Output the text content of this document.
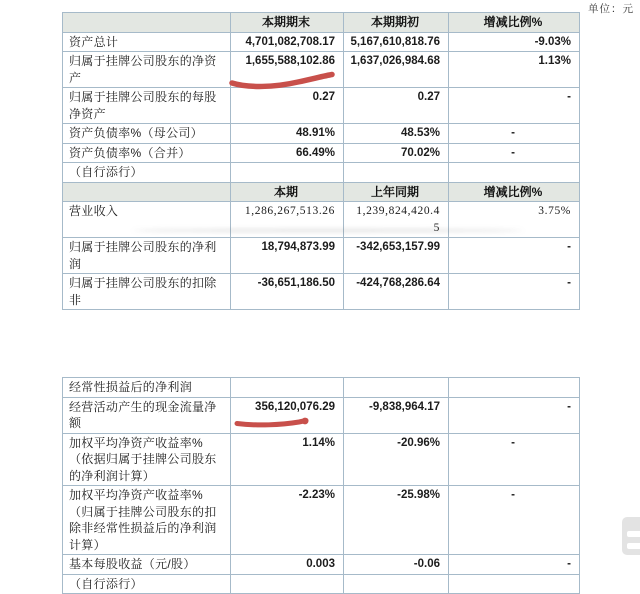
单位：元
	本期期末	本期期初	增减比例%
资产总计	4,701,082,708.17	5,167,610,818.76	-9.03%
归属于挂牌公司股东的净资产	1,655,588,102.86	1,637,026,984.68	1.13%
归属于挂牌公司股东的每股净资产	0.27	0.27	-
资产负债率%（母公司）	48.91%	48.53%	-
资产负债率%（合并）	66.49%	70.02%	-
（自行添行）			
	本期	上年同期	增减比例%
营业收入	1,286,267,513.26	1,239,824,420.45	3.75%
归属于挂牌公司股东的净利润	18,794,873.99	-342,653,157.99	-
归属于挂牌公司股东的扣除非	-36,651,186.50	-424,768,286.64	-
经常性损益后的净利润			
经营活动产生的现金流量净额	356,120,076.29	-9,838,964.17	-
加权平均净资产收益率%（依据归属于挂牌公司股东的净利润计算）	1.14%	-20.96%	-
加权平均净资产收益率%（归属于挂牌公司股东的扣除非经常性损益后的净利润计算）	-2.23%	-25.98%	-
基本每股收益（元/股）	0.003	-0.06	-
（自行添行）			
